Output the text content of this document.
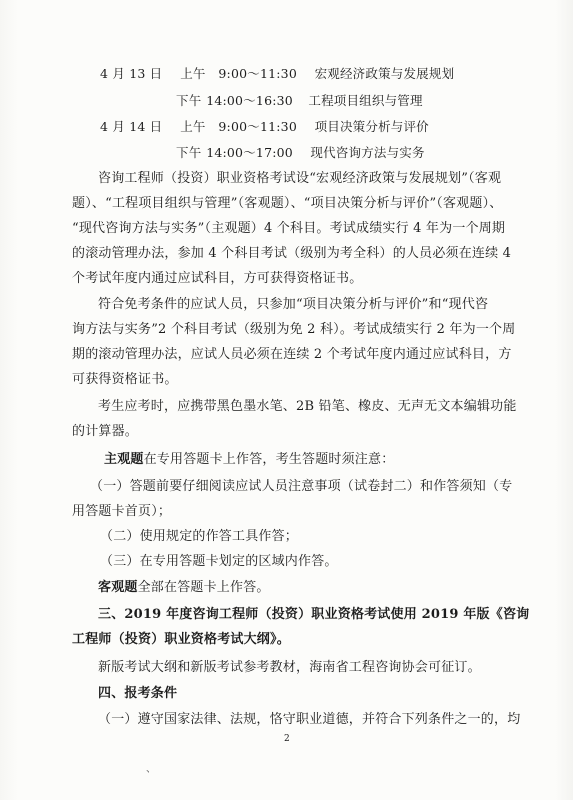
4 月 13 日 上午 9:00～11:30 宏观经济政策与发展规划
下午 14:00～16:30 工程项目组织与管理
4 月 14 日 上午 9:00～11:30 项目决策分析与评价
下午 14:00～17:00 现代咨询方法与实务
咨询工程师（投资）职业资格考试设“宏观经济政策与发展规划”（客观
题）、“工程项目组织与管理”（客观题）、“项目决策分析与评价”（客观题）、
“现代咨询方法与实务”（主观题）4 个科目。考试成绩实行 4 年为一个周期
的滚动管理办法，参加 4 个科目考试（级别为考全科）的人员必须在连续 4
个考试年度内通过应试科目，方可获得资格证书。
符合免考条件的应试人员，只参加“项目决策分析与评价”和“现代咨
询方法与实务”2 个科目考试（级别为免 2 科）。考试成绩实行 2 年为一个周
期的滚动管理办法，应试人员必须在连续 2 个考试年度内通过应试科目，方
可获得资格证书。
考生应考时，应携带黑色墨水笔、2B 铅笔、橡皮、无声无文本编辑功能
的计算器。
主观题在专用答题卡上作答，考生答题时须注意：
（一）答题前要仔细阅读应试人员注意事项（试卷封二）和作答须知（专
用答题卡首页）；
（二）使用规定的作答工具作答；
（三）在专用答题卡划定的区域内作答。
客观题全部在答题卡上作答。
三、2019 年度咨询工程师（投资）职业资格考试使用 2019 年版《咨询
工程师（投资）职业资格考试大纲》。
新版考试大纲和新版考试参考教材，海南省工程咨询协会可征订。
四、报考条件
（一）遵守国家法律、法规，恪守职业道德，并符合下列条件之一的，均
2
、
